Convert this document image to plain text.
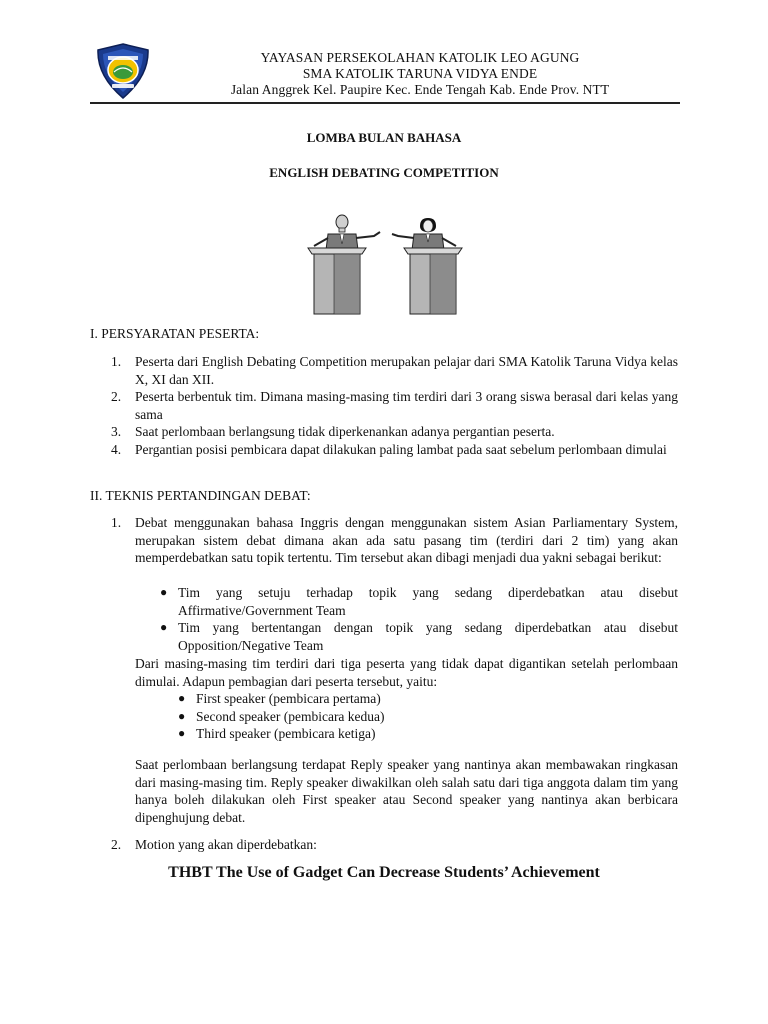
YAYASAN PERSEKOLAHAN KATOLIK LEO AGUNG
SMA KATOLIK TARUNA VIDYA ENDE
Jalan Anggrek Kel. Paupire Kec. Ende Tengah Kab. Ende Prov. NTT
LOMBA BULAN BAHASA
ENGLISH DEBATING COMPETITION
I. PERSYARATAN PESERTA:
1. Peserta dari English Debating Competition merupakan pelajar dari SMA Katolik Taruna Vidya kelas X, XI dan XII.
2. Peserta berbentuk tim. Dimana masing-masing tim terdiri dari 3 orang siswa berasal dari kelas yang sama
3. Saat perlombaan berlangsung tidak diperkenankan adanya pergantian peserta.
4. Pergantian posisi pembicara dapat dilakukan paling lambat pada saat sebelum perlombaan dimulai
II. TEKNIS PERTANDINGAN DEBAT:
1. Debat menggunakan bahasa Inggris dengan menggunakan sistem Asian Parliamentary System, merupakan sistem debat dimana akan ada satu pasang tim (terdiri dari 2 tim) yang akan memperdebatkan satu topik tertentu. Tim tersebut akan dibagi menjadi dua yakni sebagai berikut:
● Tim yang setuju terhadap topik yang sedang diperdebatkan atau disebut Affirmative/Government Team
● Tim yang bertentangan dengan topik yang sedang diperdebatkan atau disebut Opposition/Negative Team
Dari masing-masing tim terdiri dari tiga peserta yang tidak dapat digantikan setelah perlombaan dimulai. Adapun pembagian dari peserta tersebut, yaitu:
● First speaker (pembicara pertama)
● Second speaker (pembicara kedua)
● Third speaker (pembicara ketiga)
Saat perlombaan berlangsung terdapat Reply speaker yang nantinya akan membawakan ringkasan dari masing-masing tim. Reply speaker diwakilkan oleh salah satu dari tiga anggota dalam tim yang hanya boleh dilakukan oleh First speaker atau Second speaker yang nantinya akan berbicara dipenghujung debat.
2. Motion yang akan diperdebatkan:
THBT The Use of Gadget Can Decrease Students’ Achievement
